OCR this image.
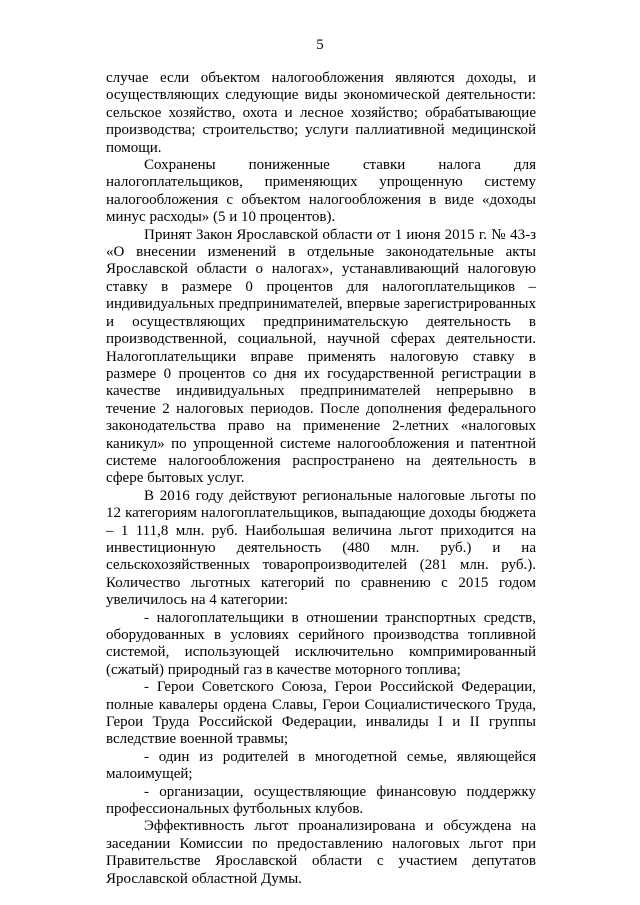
5

случае если объектом налогообложения являются доходы, и осуществляющих следующие виды экономической деятельности: сельское хозяйство, охота и лесное хозяйство; обрабатывающие производства; строительство; услуги паллиативной медицинской помощи.

Сохранены пониженные ставки налога для налогоплательщиков, применяющих упрощенную систему налогообложения с объектом налогообложения в виде «доходы минус расходы» (5 и 10 процентов).

Принят Закон Ярославской области от 1 июня 2015 г. № 43-з «О внесении изменений в отдельные законодательные акты Ярославской области о налогах», устанавливающий налоговую ставку в размере 0 процентов для налогоплательщиков – индивидуальных предпринимателей, впервые зарегистрированных и осуществляющих предпринимательскую деятельность в производственной, социальной, научной сферах деятельности. Налогоплательщики вправе применять налоговую ставку в размере 0 процентов со дня их государственной регистрации в качестве индивидуальных предпринимателей непрерывно в течение 2 налоговых периодов. После дополнения федерального законодательства право на применение 2-летних «налоговых каникул» по упрощенной системе налогообложения и патентной системе налогообложения распространено на деятельность в сфере бытовых услуг.

В 2016 году действуют региональные налоговые льготы по 12 категориям налогоплательщиков, выпадающие доходы бюджета – 1 111,8 млн. руб. Наибольшая величина льгот приходится на инвестиционную деятельность (480 млн. руб.) и на сельскохозяйственных товаропроизводителей (281 млн. руб.). Количество льготных категорий по сравнению с 2015 годом увеличилось на 4 категории:

- налогоплательщики в отношении транспортных средств, оборудованных в условиях серийного производства топливной системой, использующей исключительно компримированный (сжатый) природный газ в качестве моторного топлива;

- Герои Советского Союза, Герои Российской Федерации, полные кавалеры ордена Славы, Герои Социалистического Труда, Герои Труда Российской Федерации, инвалиды I и II группы вследствие военной травмы;

- один из родителей в многодетной семье, являющейся малоимущей;

- организации, осуществляющие финансовую поддержку профессиональных футбольных клубов.

Эффективность льгот проанализирована и обсуждена на заседании Комиссии по предоставлению налоговых льгот при Правительстве Ярославской области с участием депутатов Ярославской областной Думы.
